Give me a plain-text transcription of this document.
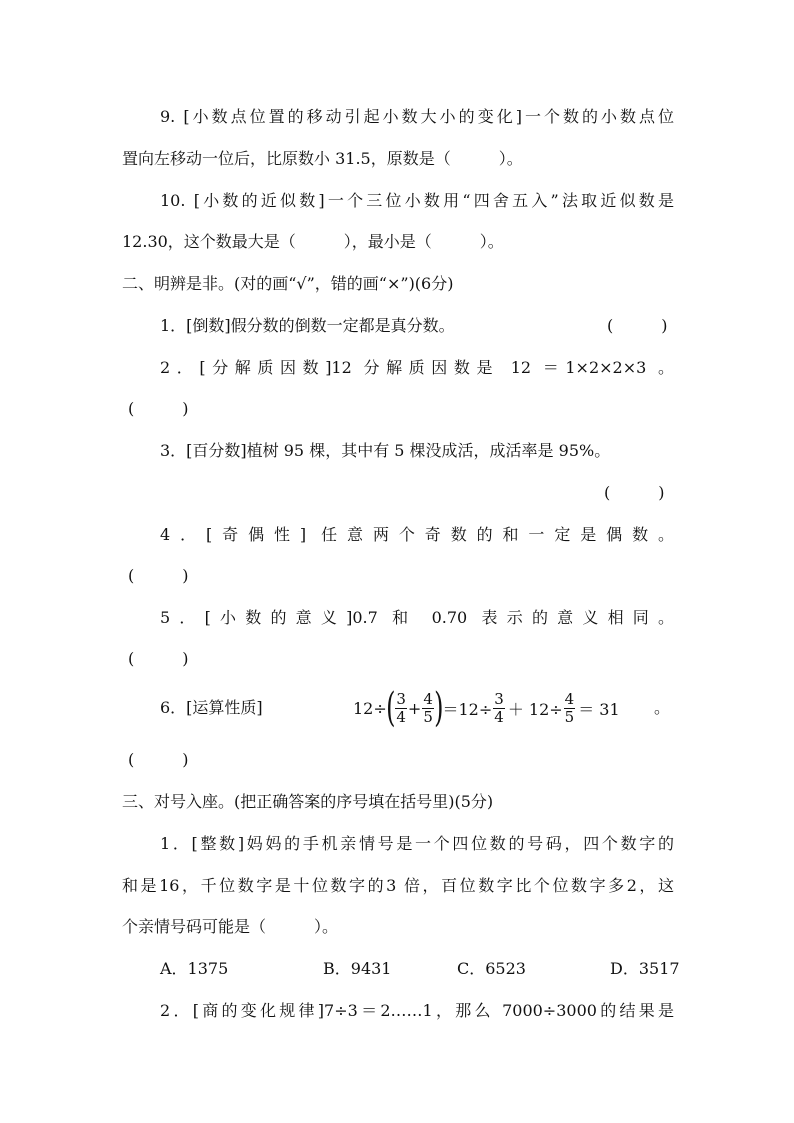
9. [小数点位置的移动引起小数大小的变化]一个数的小数点位
置向左移动一位后，比原数小 31.5，原数是（　　　）。
10. [小数的近似数]一个三位小数用“四舍五入”法取近似数是
12.30，这个数最大是（　　　），最小是（　　　）。
二、明辨是非。(对的画“√”，错的画“×”)(6分)
1．[倒数]假分数的倒数一定都是真分数。	(　　　)
2．[分解质因数]12 分解质因数是 12 ＝1×2×2×3 。
(　　　)
3．[百分数]植树 95 棵，其中有 5 棵没成活，成活率是 95%。
(　　　)
4．[奇偶性] 任意两个奇数的和一定是偶数。
(　　　)
5．[小数的意义]0.7 和 0.70 表示的意义相同。
(　　　)
6．[运算性质]	12÷ ( $\frac{3}{4} + \frac{4}{5}$ ) $=12\div \frac{3}{4} + 12\div \frac{4}{5} = 31$ 。
(　　　)
三、对号入座。(把正确答案的序号填在括号里)(5分)
1．[整数]妈妈的手机亲情号是一个四位数的号码，四个数字的
和是16，千位数字是十位数字的3 倍，百位数字比个位数字多2，这
个亲情号码可能是（　　　）。
A．1375	B．9431	C．6523	D．3517
2．[商的变化规律]7÷3＝2……1，那么 7000÷3000的结果是
